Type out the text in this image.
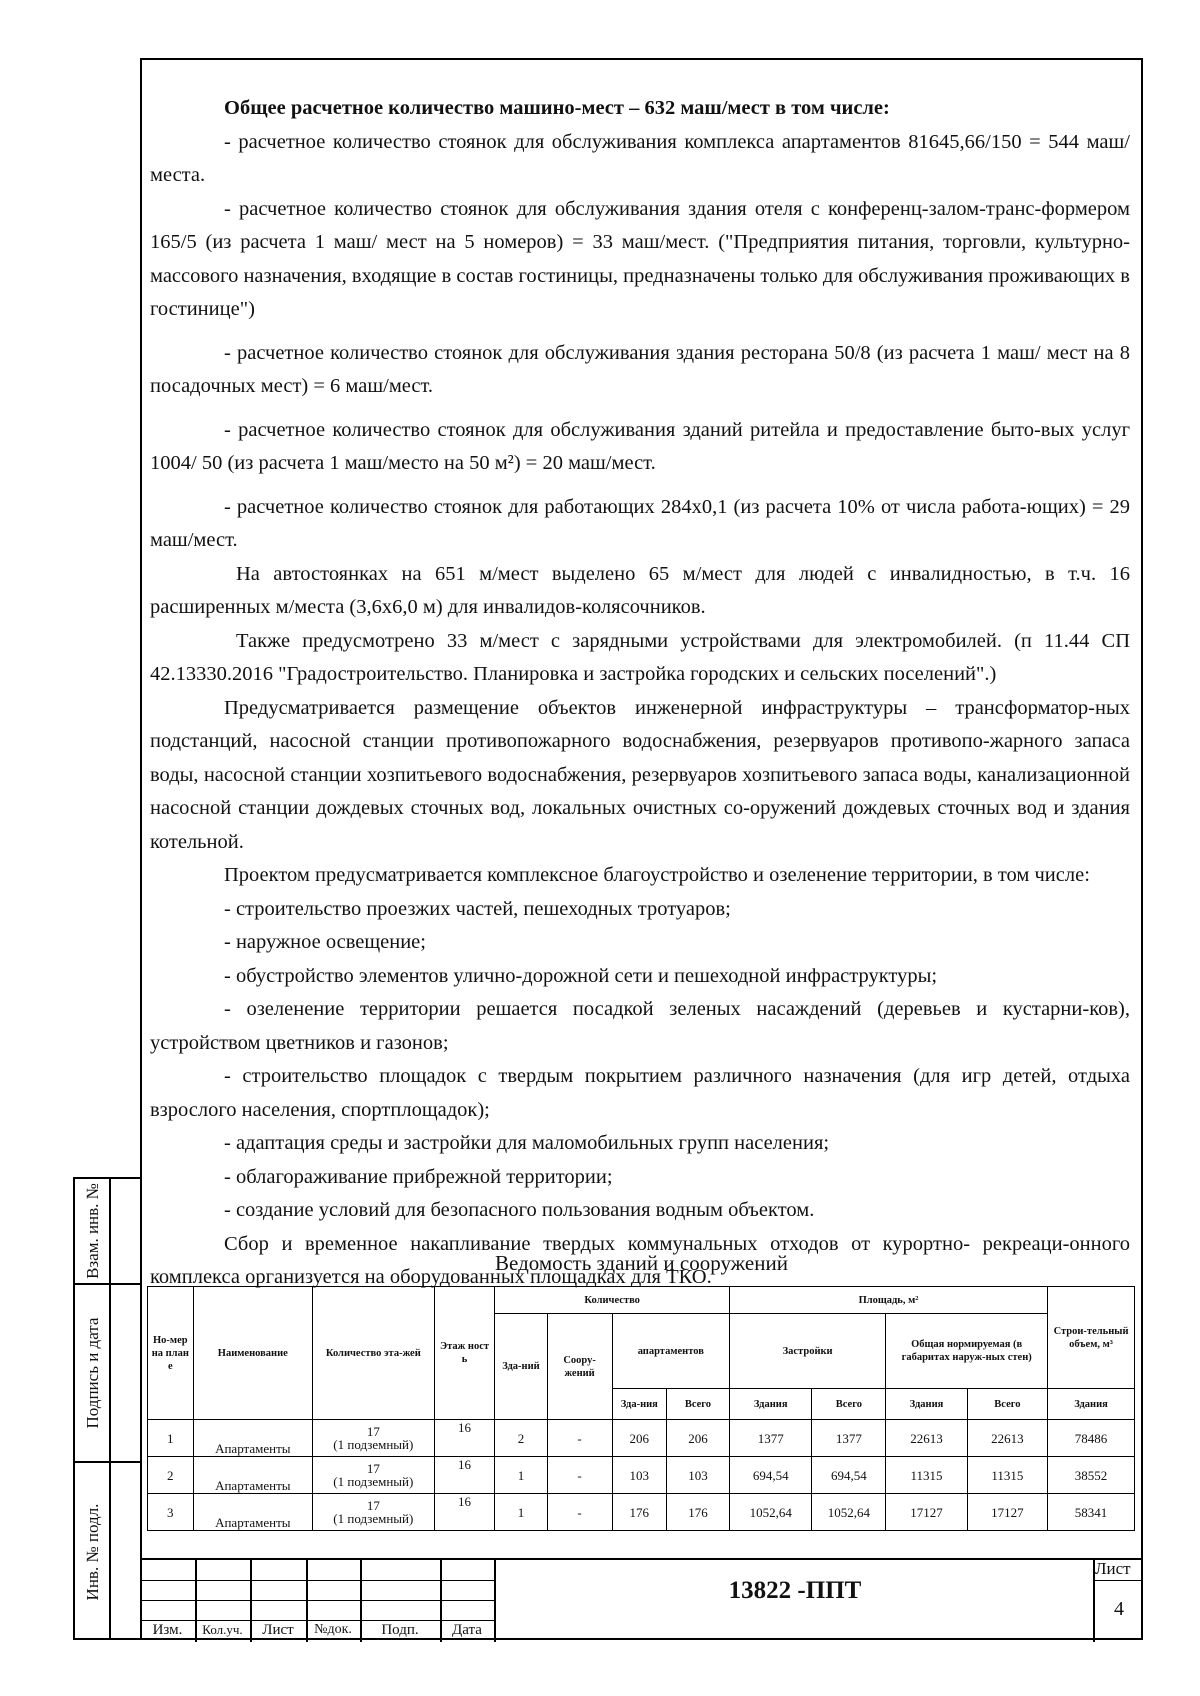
Взам. инв. №
Подпись и дата
Инв. № подл.

Общее расчетное количество машино-мест – 632 маш/мест в том числе:

- расчетное количество стоянок для обслуживания комплекса апартаментов 81645,66/150 = 544 маш/места.

- расчетное количество стоянок для обслуживания здания отеля с конференц-залом-транс-формером 165/5 (из расчета 1 маш/ мест на 5 номеров) = 33 маш/мест. ("Предприятия питания, торговли, культурно-массового назначения, входящие в состав гостиницы, предназначены только для обслуживания проживающих в гостинице")

- расчетное количество стоянок для обслуживания здания ресторана 50/8 (из расчета 1 маш/ мест на 8 посадочных мест) = 6 маш/мест.

- расчетное количество стоянок для обслуживания зданий ритейла и предоставление быто-вых услуг 1004/ 50 (из расчета 1 маш/место на 50 м²) = 20 маш/мест.

- расчетное количество стоянок для работающих 284x0,1 (из расчета 10% от числа работа-ющих) = 29 маш/мест.

На автостоянках на 651 м/мест выделено 65 м/мест для людей с инвалидностью, в т.ч. 16 расширенных м/места (3,6x6,0 м) для инвалидов-колясочников.

Также предусмотрено 33 м/мест с зарядными устройствами для электромобилей. (п 11.44 СП 42.13330.2016 "Градостроительство. Планировка и застройка городских и сельских поселений".)

Предусматривается размещение объектов инженерной инфраструктуры – трансформатор-ных подстанций, насосной станции противопожарного водоснабжения, резервуаров противопо-жарного запаса воды, насосной станции хозпитьевого водоснабжения, резервуаров хозпитьевого запаса воды, канализационной насосной станции дождевых сточных вод, локальных очистных со-оружений дождевых сточных вод и здания котельной.

Проектом предусматривается комплексное благоустройство и озеленение территории, в том числе:

- строительство проезжих частей, пешеходных тротуаров;

- наружное освещение;

- обустройство элементов улично-дорожной сети и пешеходной инфраструктуры;

- озеленение территории решается посадкой зеленых насаждений (деревьев и кустарни-ков), устройством цветников и газонов;

- строительство площадок с твердым покрытием различного назначения (для игр детей, отдыха взрослого населения, спортплощадок);

- адаптация среды и застройки для маломобильных групп населения;

- облагораживание прибрежной территории;

- создание условий для безопасного пользования водным объектом.

Сбор и временное накапливание твердых коммунальных отходов от курортно- рекреаци-онного комплекса организуется на оборудованных площадках для ТКО.

Ведомость зданий и сооружений
Но-мер на план е	Наименование	Количество эта-жей	Этаж ност ь	Количество				Площадь, м²				Строи-тельный объем, м³
				Зда-ний	Соору-жений	апартаментов		Застройки		Общая нормируемая (в габаритах наруж-ных стен)		
						Зда-ния	Всего	Здания	Всего	Здания	Всего	Здания
1	Апартаменты	17
(1 подземный)	16	2	-	206	206	1377	1377	22613	22613	78486
2	Апартаменты	17
(1 подземный)	16	1	-	103	103	694,54	694,54	11315	11315	38552
3	Апартаменты	17
(1 подземный)	16	1	-	176	176	1052,64	1052,64	17127	17127	58341
Изм.	Кол.уч.	Лист	№док.	Подп.	Дата
13822 -ППТ
Лист
4
